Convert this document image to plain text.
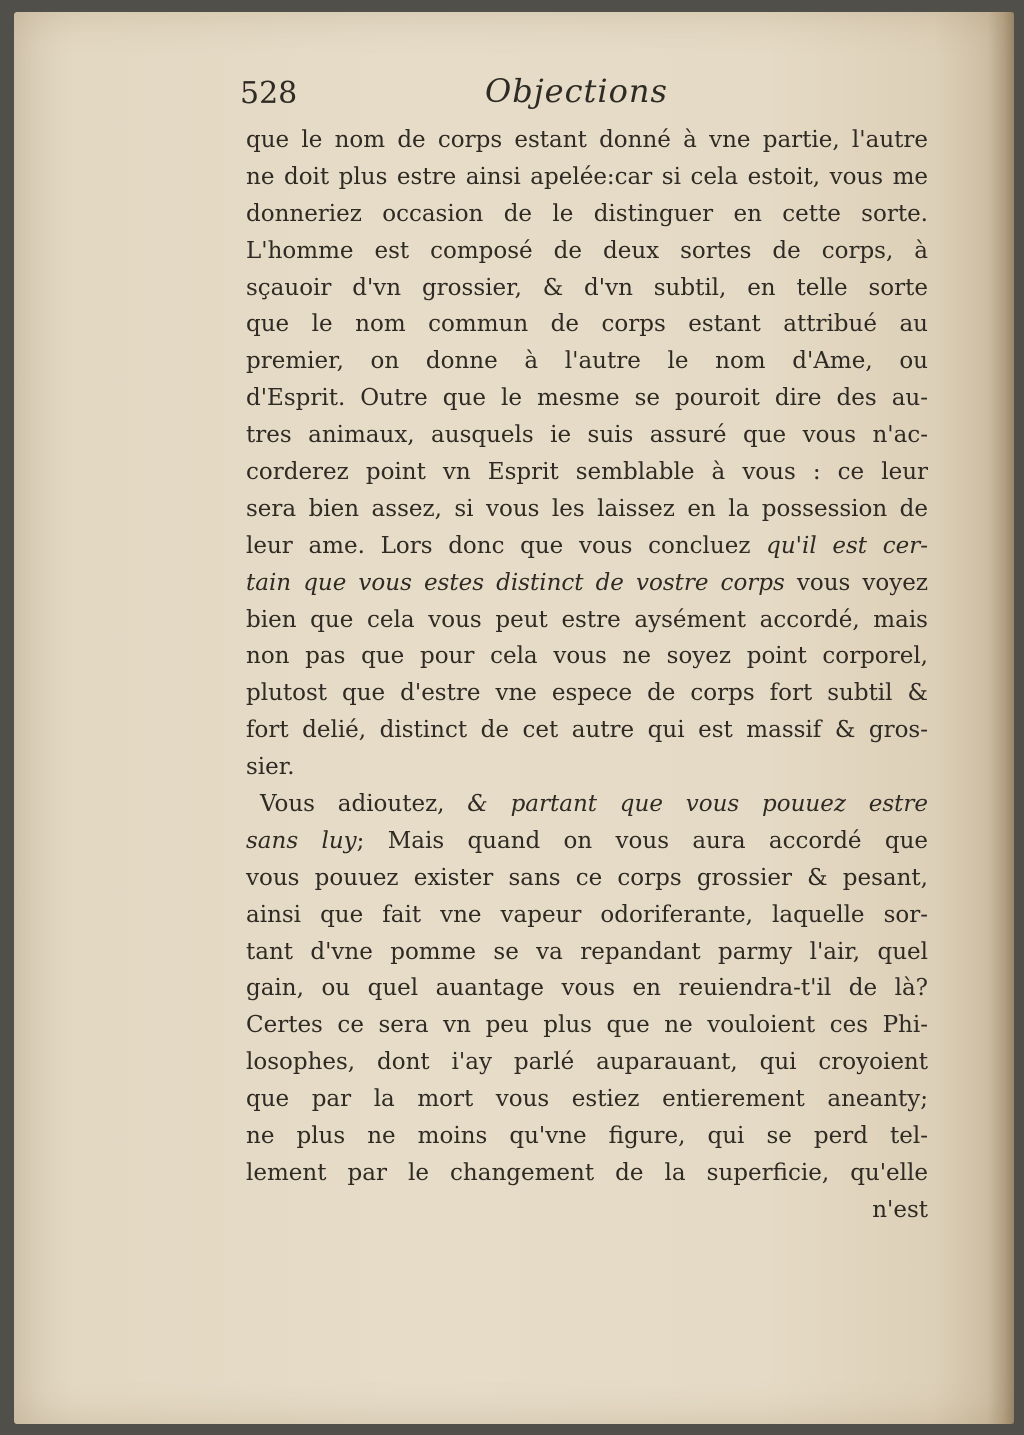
528	Objections
que le nom de corps estant donné à vne partie, l'autre
ne doit plus estre ainsi apelée:car si cela estoit, vous me
donneriez occasion de le distinguer en cette sorte.
L'homme est composé de deux sortes de corps, à
sçauoir d'vn grossier, & d'vn subtil, en telle sorte
que le nom commun de corps estant attribué au
premier, on donne à l'autre le nom d'Ame, ou
d'Esprit. Outre que le mesme se pouroit dire des au-
tres animaux, ausquels ie suis assuré que vous n'ac-
corderez point vn Esprit semblable à vous : ce leur
sera bien assez, si vous les laissez en la possession de
leur ame. Lors donc que vous concluez qu'il est cer-
tain que vous estes distinct de vostre corps vous voyez
bien que cela vous peut estre aysément accordé, mais
non pas que pour cela vous ne soyez point corporel,
plutost que d'estre vne espece de corps fort subtil &
fort delié, distinct de cet autre qui est massif & gros-
sier.
Vous adioutez, & partant que vous pouuez estre
sans luy; Mais quand on vous aura accordé que
vous pouuez exister sans ce corps grossier & pesant,
ainsi que fait vne vapeur odoriferante, laquelle sor-
tant d'vne pomme se va repandant parmy l'air, quel
gain, ou quel auantage vous en reuiendra-t'il de là?
Certes ce sera vn peu plus que ne vouloient ces Phi-
losophes, dont i'ay parlé auparauant, qui croyoient
que par la mort vous estiez entierement aneanty;
ne plus ne moins qu'vne figure, qui se perd tel-
lement par le changement de la superficie, qu'elle
n'est
